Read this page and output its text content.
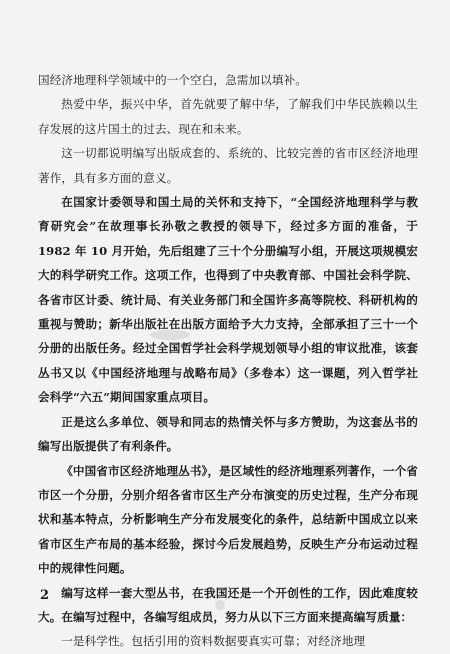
国经济地理科学领域中的一个空白，急需加以填补。

热爱中华，振兴中华，首先就要了解中华，了解我们中华民族赖以生存发展的这片国土的过去、现在和未来。

这一切都说明编写出版成套的、系统的、比较完善的省市区经济地理著作，具有多方面的意义。

在国家计委领导和国土局的关怀和支持下，“全国经济地理科学与教育研究会”在故理事长孙敬之教授的领导下，经过多方面的准备，于 1982 年 10 月开始，先后组建了三十个分册编写小组，开展这项规模宏大的科学研究工作。这项工作，也得到了中央教育部、中国社会科学院、各省市区计委、统计局、有关业务部门和全国许多高等院校、科研机构的重视与赞助；新华出版社在出版方面给予大力支持，全部承担了三十一个分册的出版任务。经过全国哲学社会科学规划领导小组的审议批准，该套丛书又以《中国经济地理与战略布局》（多卷本）这一课题，列入哲学社会科学“六五”期间国家重点项目。

正是这么多单位、领导和同志的热情关怀与多方赞助，为这套丛书的编写出版提供了有利条件。

《中国省市区经济地理丛书》，是区域性的经济地理系列著作，一个省市区一个分册，分别介绍各省市区生产分布演变的历史过程，生产分布现状和基本特点，分析影响生产分布发展变化的条件，总结新中国成立以来省市区生产布局的基本经验，探讨今后发展趋势，反映生产分布运动过程中的规律性问题。

编写这样一套大型丛书，在我国还是一个开创性的工作，因此难度较大。在编写过程中，各编写组成员，努力从以下三方面来提高编写质量：

一是科学性。包括引用的资料数据要真实可靠；对经济地理

2
